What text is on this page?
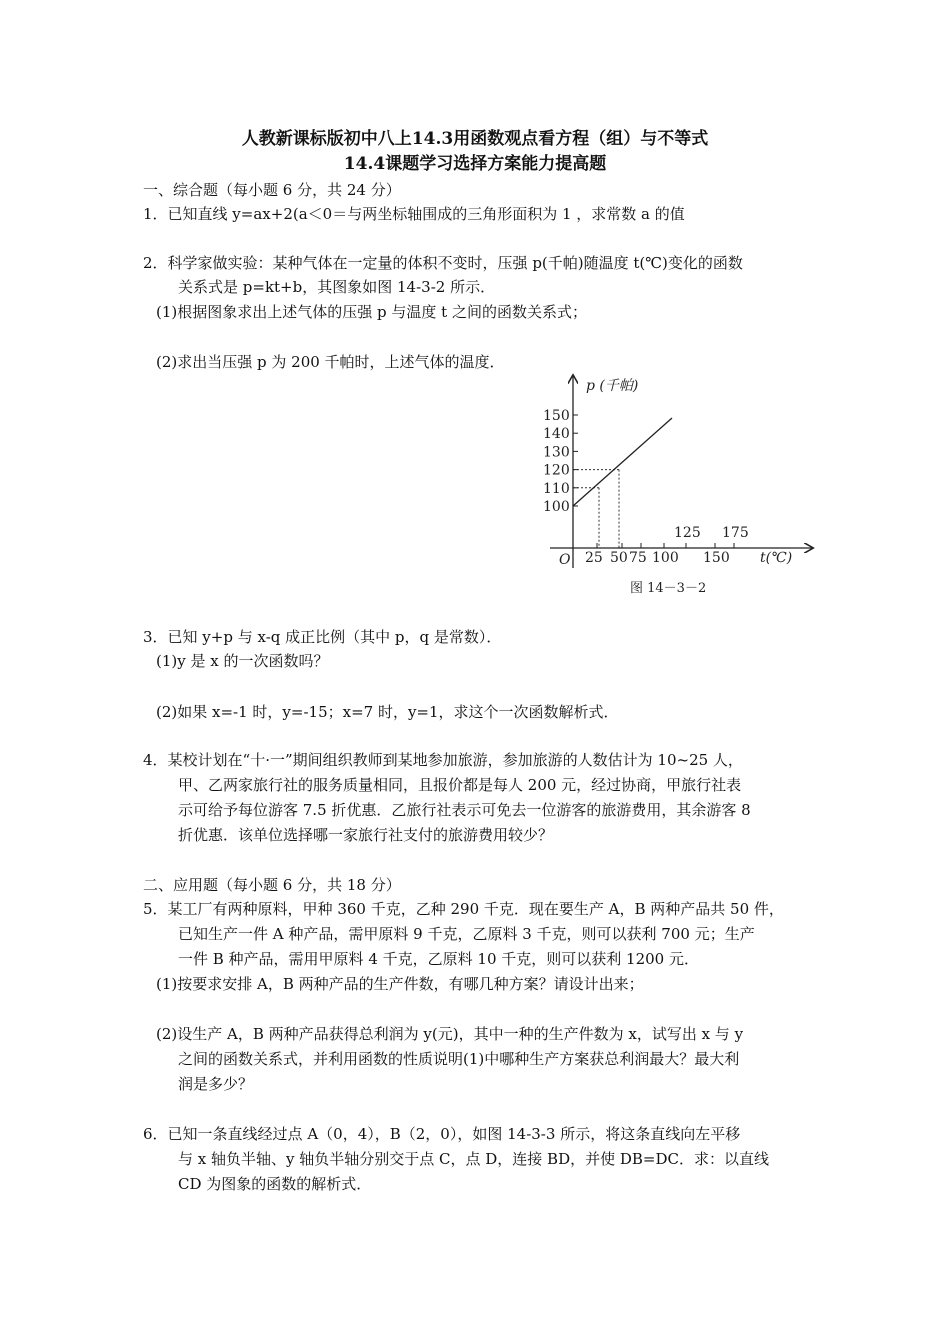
人教新课标版初中八上14.3用函数观点看方程（组）与不等式
14.4课题学习选择方案能力提高题
一、综合题（每小题 6 分，共 24 分）
1．已知直线 y=ax+2(a＜0＝与两坐标轴围成的三角形面积为 1 ，求常数 a 的值
2．科学家做实验：某种气体在一定量的体积不变时，压强 p(千帕)随温度 t(℃)变化的函数
关系式是 p=kt+b，其图象如图 14-3-2 所示．
(1)根据图象求出上述气体的压强 p 与温度 t 之间的函数关系式；
(2)求出当压强 p 为 200 千帕时，上述气体的温度．
150
140
130
120
110
100
25 50 75 100 150
125 175
p (千帕)
t(℃)
O
图 14－3－2
3．已知 y+p 与 x-q 成正比例（其中 p，q 是常数）．
(1)y 是 x 的一次函数吗？
(2)如果 x=-1 时，y=-15；x=7 时，y=1，求这个一次函数解析式．
4．某校计划在“十·一”期间组织教师到某地参加旅游，参加旅游的人数估计为 10~25 人，
甲、乙两家旅行社的服务质量相同，且报价都是每人 200 元，经过协商，甲旅行社表
示可给予每位游客 7.5 折优惠．乙旅行社表示可免去一位游客的旅游费用，其余游客 8
折优惠．该单位选择哪一家旅行社支付的旅游费用较少？
二、应用题（每小题 6 分，共 18 分）
5．某工厂有两种原料，甲种 360 千克，乙种 290 千克．现在要生产 A，B 两种产品共 50 件，
已知生产一件 A 种产品，需甲原料 9 千克，乙原料 3 千克，则可以获利 700 元；生产
一件 B 种产品，需用甲原料 4 千克，乙原料 10 千克，则可以获利 1200 元．
(1)按要求安排 A，B 两种产品的生产件数，有哪几种方案？请设计出来；
(2)设生产 A，B 两种产品获得总利润为 y(元)，其中一种的生产件数为 x，试写出 x 与 y
之间的函数关系式，并利用函数的性质说明(1)中哪种生产方案获总利润最大？最大利
润是多少？
6．已知一条直线经过点 A（0，4），B（2，0），如图 14-3-3 所示，将这条直线向左平移
与 x 轴负半轴、y 轴负半轴分别交于点 C，点 D，连接 BD，并使 DB=DC．求：以直线
CD 为图象的函数的解析式．
